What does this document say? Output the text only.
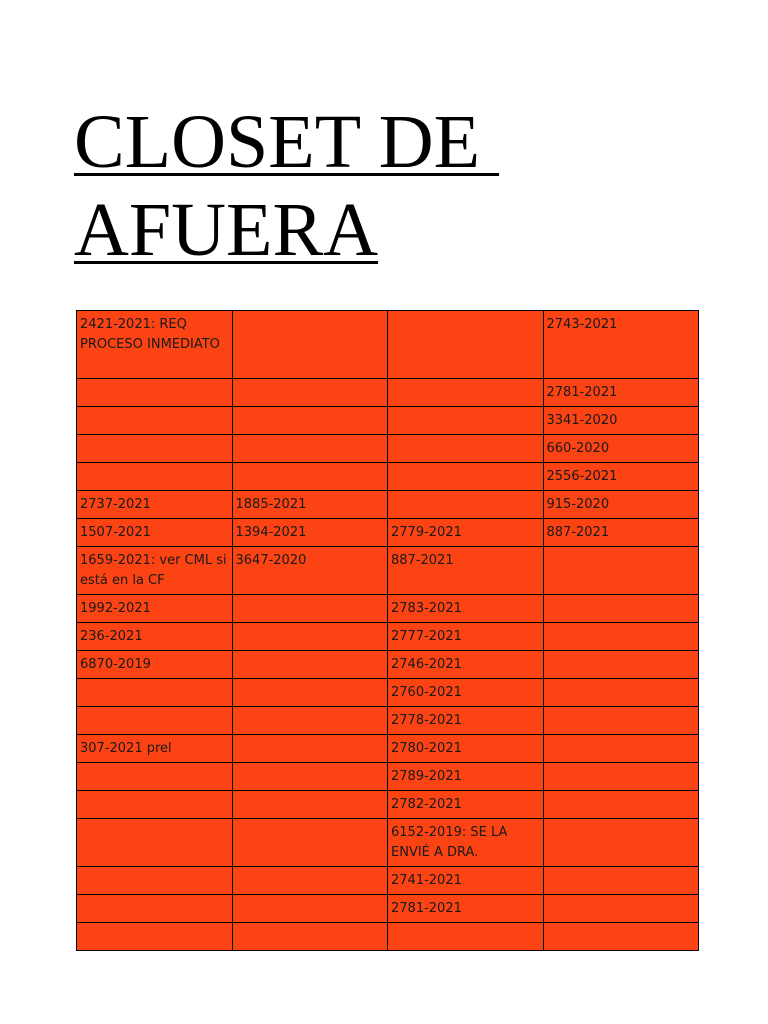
CLOSET DE
AFUERA
2421-2021: REQ PROCESO INMEDIATO			2743-2021
			2781-2021
			3341-2020
			660-2020
			2556-2021
2737-2021	1885-2021		915-2020
1507-2021	1394-2021	2779-2021	887-2021
1659-2021: ver CML si está en la CF	3647-2020	887-2021	
1992-2021		2783-2021	
236-2021		2777-2021	
6870-2019		2746-2021	
		2760-2021	
		2778-2021	
307-2021 prel		2780-2021	
		2789-2021	
		2782-2021	
		6152-2019: SE LA ENVIÉ A DRA.	
		2741-2021	
		2781-2021	
